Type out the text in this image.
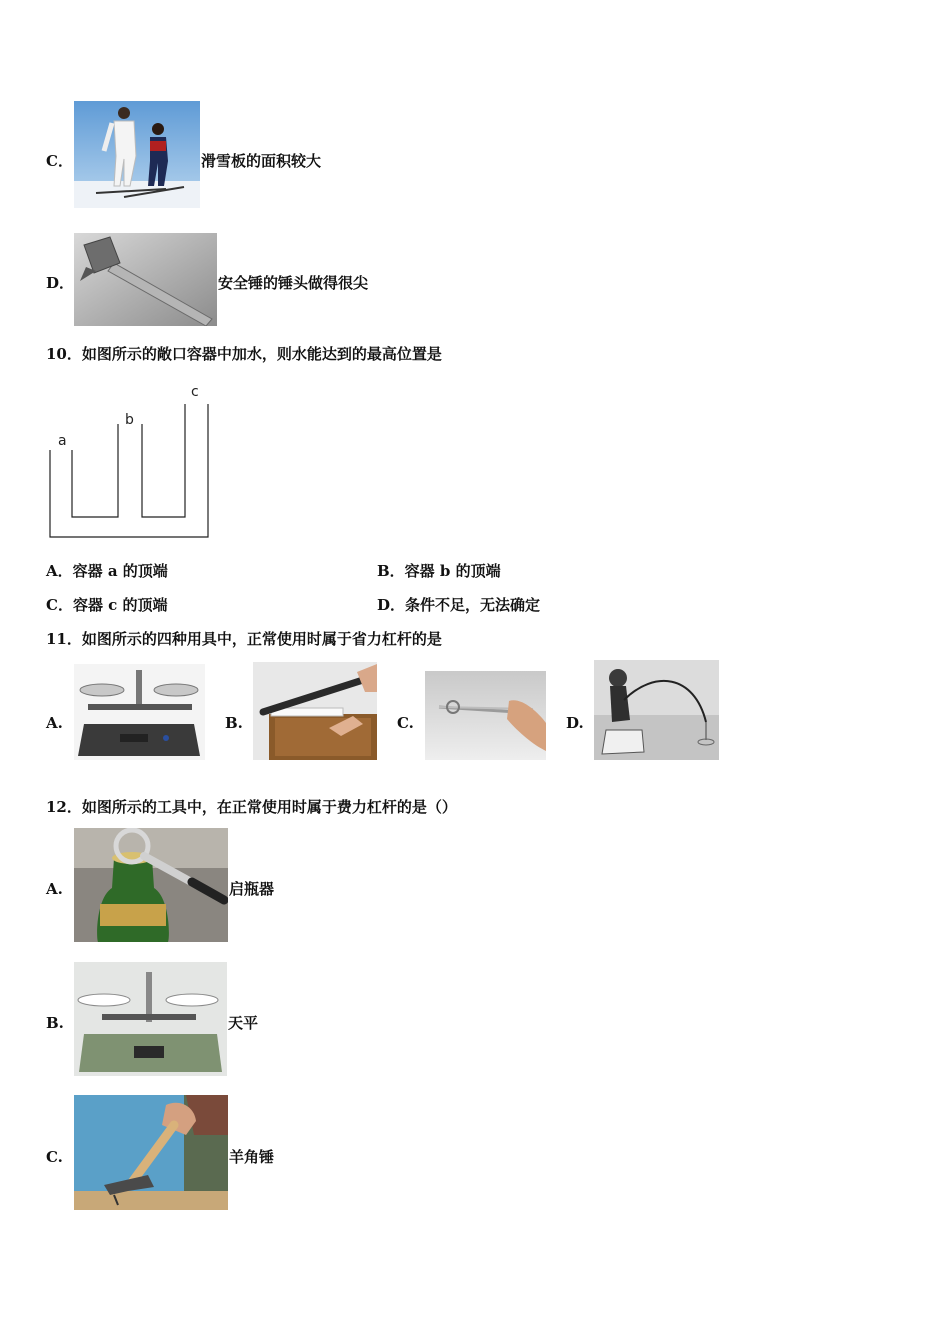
C．	滑雪板的面积较大
D．	安全锤的锤头做得很尖
10．如图所示的敞口容器中加水，则水能达到的最高位置是
a
b
c
A．容器 a 的顶端	B．容器 b 的顶端
C．容器 c 的顶端	D．条件不足，无法确定
11．如图所示的四种用具中，正常使用时属于省力杠杆的是
A.	B.	C.	D.
12．如图所示的工具中，在正常使用时属于费力杠杆的是（）
A.	启瓶器
B.	天平
C.	羊角锤
